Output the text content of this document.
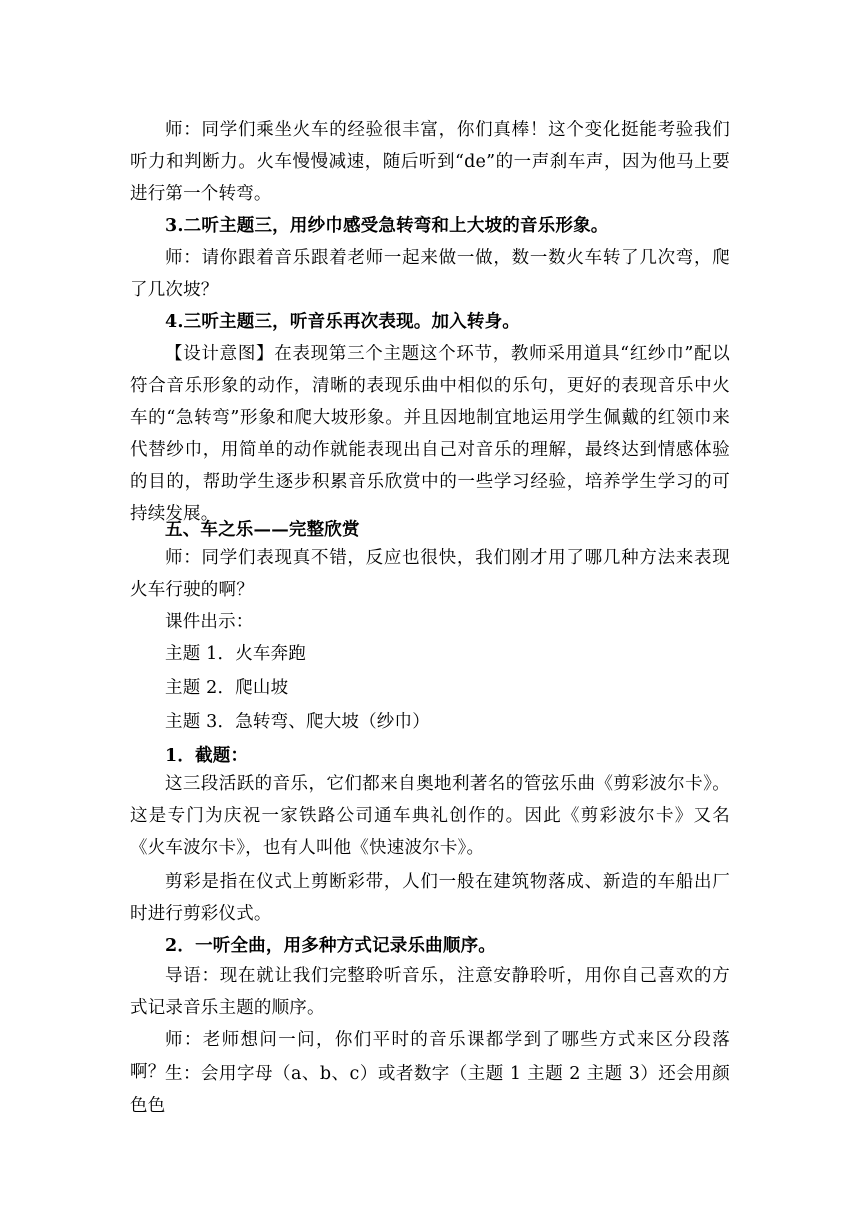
师：同学们乘坐火车的经验很丰富，你们真棒！这个变化挺能考验我们听力和判断力。火车慢慢减速，随后听到“de”的一声刹车声，因为他马上要进行第一个转弯。

3.二听主题三，用纱巾感受急转弯和上大坡的音乐形象。

师：请你跟着音乐跟着老师一起来做一做，数一数火车转了几次弯，爬了几次坡？

4.三听主题三，听音乐再次表现。加入转身。

【设计意图】在表现第三个主题这个环节，教师采用道具“红纱巾”配以符合音乐形象的动作，清晰的表现乐曲中相似的乐句，更好的表现音乐中火车的“急转弯”形象和爬大坡形象。并且因地制宜地运用学生佩戴的红领巾来代替纱巾，用简单的动作就能表现出自己对音乐的理解，最终达到情感体验的目的，帮助学生逐步积累音乐欣赏中的一些学习经验，培养学生学习的可持续发展。

五、车之乐——完整欣赏

师：同学们表现真不错，反应也很快，我们刚才用了哪几种方法来表现火车行驶的啊？

课件出示：

主题 1．火车奔跑

主题 2．爬山坡

主题 3．急转弯、爬大坡（纱巾）

1．截题：

这三段活跃的音乐，它们都来自奥地利著名的管弦乐曲《剪彩波尔卡》。这是专门为庆祝一家铁路公司通车典礼创作的。因此《剪彩波尔卡》又名《火车波尔卡》，也有人叫他《快速波尔卡》。

剪彩是指在仪式上剪断彩带，人们一般在建筑物落成、新造的车船出厂时进行剪彩仪式。

2．一听全曲，用多种方式记录乐曲顺序。

导语：现在就让我们完整聆听音乐，注意安静聆听，用你自己喜欢的方式记录音乐主题的顺序。

师：老师想问一问，你们平时的音乐课都学到了哪些方式来区分段落啊？ 生：会用字母（a、b、c）或者数字（主题 1 主题 2 主题 3）还会用颜色色
